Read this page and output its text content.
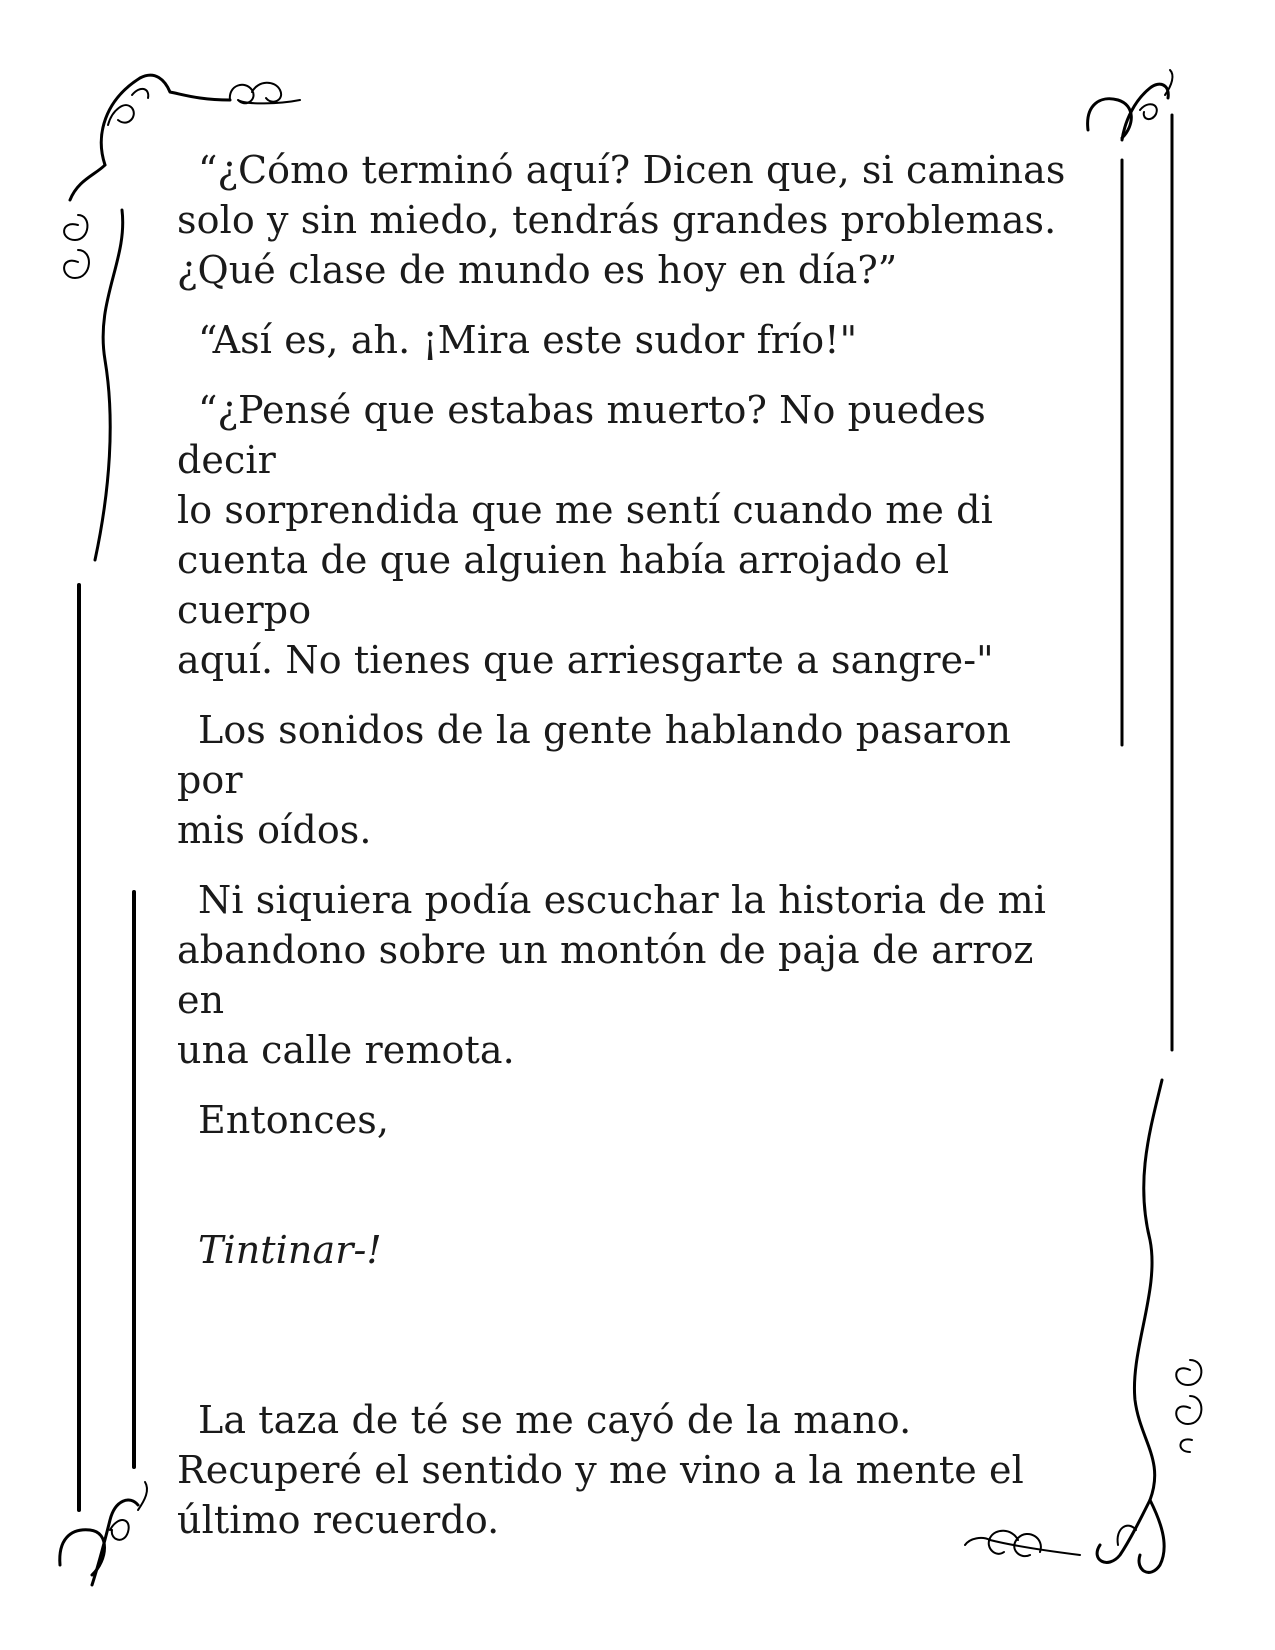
“¿Cómo terminó aquí? Dicen que, si caminas
solo y sin miedo, tendrás grandes problemas.
¿Qué clase de mundo es hoy en día?”

“Así es, ah. ¡Mira este sudor frío!"

“¿Pensé que estabas muerto? No puedes decir
lo sorprendida que me sentí cuando me di
cuenta de que alguien había arrojado el cuerpo
aquí. No tienes que arriesgarte a sangre-"

Los sonidos de la gente hablando pasaron por
mis oídos.

Ni siquiera podía escuchar la historia de mi
abandono sobre un montón de paja de arroz en
una calle remota.

Entonces,

Tintinar-!

La taza de té se me cayó de la mano.
Recuperé el sentido y me vino a la mente el
último recuerdo.
